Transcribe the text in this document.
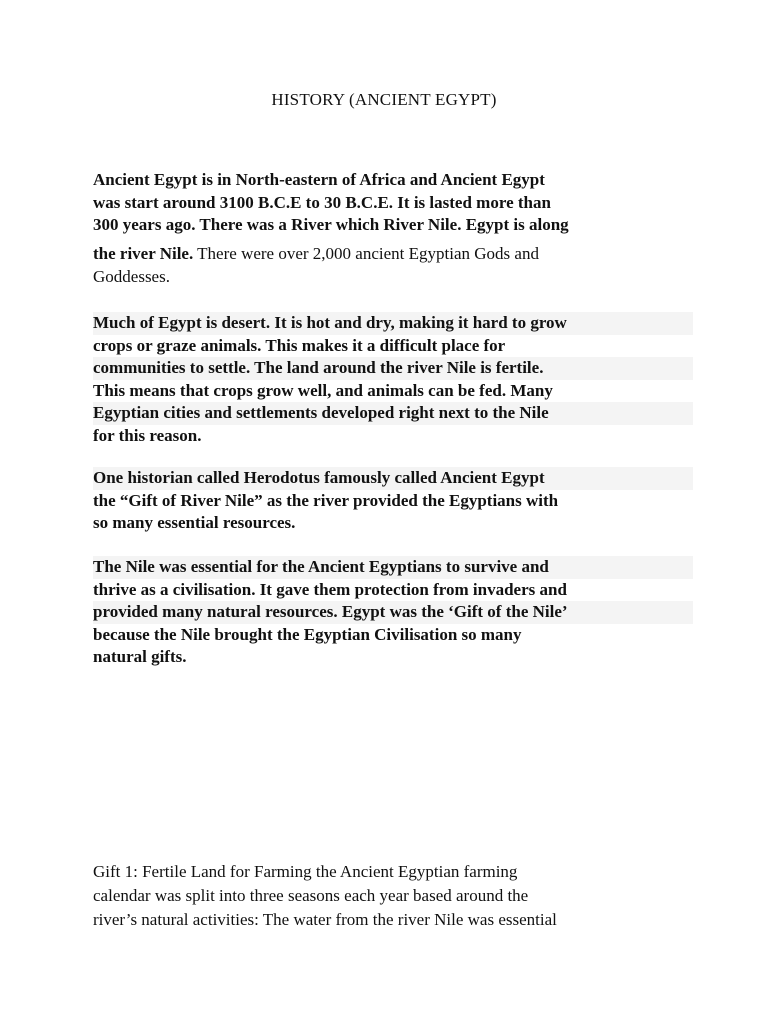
HISTORY (ANCIENT EGYPT)
Ancient Egypt is in North-eastern of Africa and Ancient Egypt
was start around 3100 B.C.E to 30 B.C.E. It is lasted more than
300 years ago. There was a River which River Nile. Egypt is along
the river Nile. There were over 2,000 ancient Egyptian Gods and
Goddesses.
Much of Egypt is desert. It is hot and dry, making it hard to grow
crops or graze animals. This makes it a difficult place for
communities to settle. The land around the river Nile is fertile.
This means that crops grow well, and animals can be fed. Many
Egyptian cities and settlements developed right next to the Nile
for this reason.
One historian called Herodotus famously called Ancient Egypt
the “Gift of River Nile” as the river provided the Egyptians with
so many essential resources.
The Nile was essential for the Ancient Egyptians to survive and
thrive as a civilisation. It gave them protection from invaders and
provided many natural resources. Egypt was the ‘Gift of the Nile’
because the Nile brought the Egyptian Civilisation so many
natural gifts.
Gift 1: Fertile Land for Farming the Ancient Egyptian farming
calendar was split into three seasons each year based around the
river’s natural activities: The water from the river Nile was essential
